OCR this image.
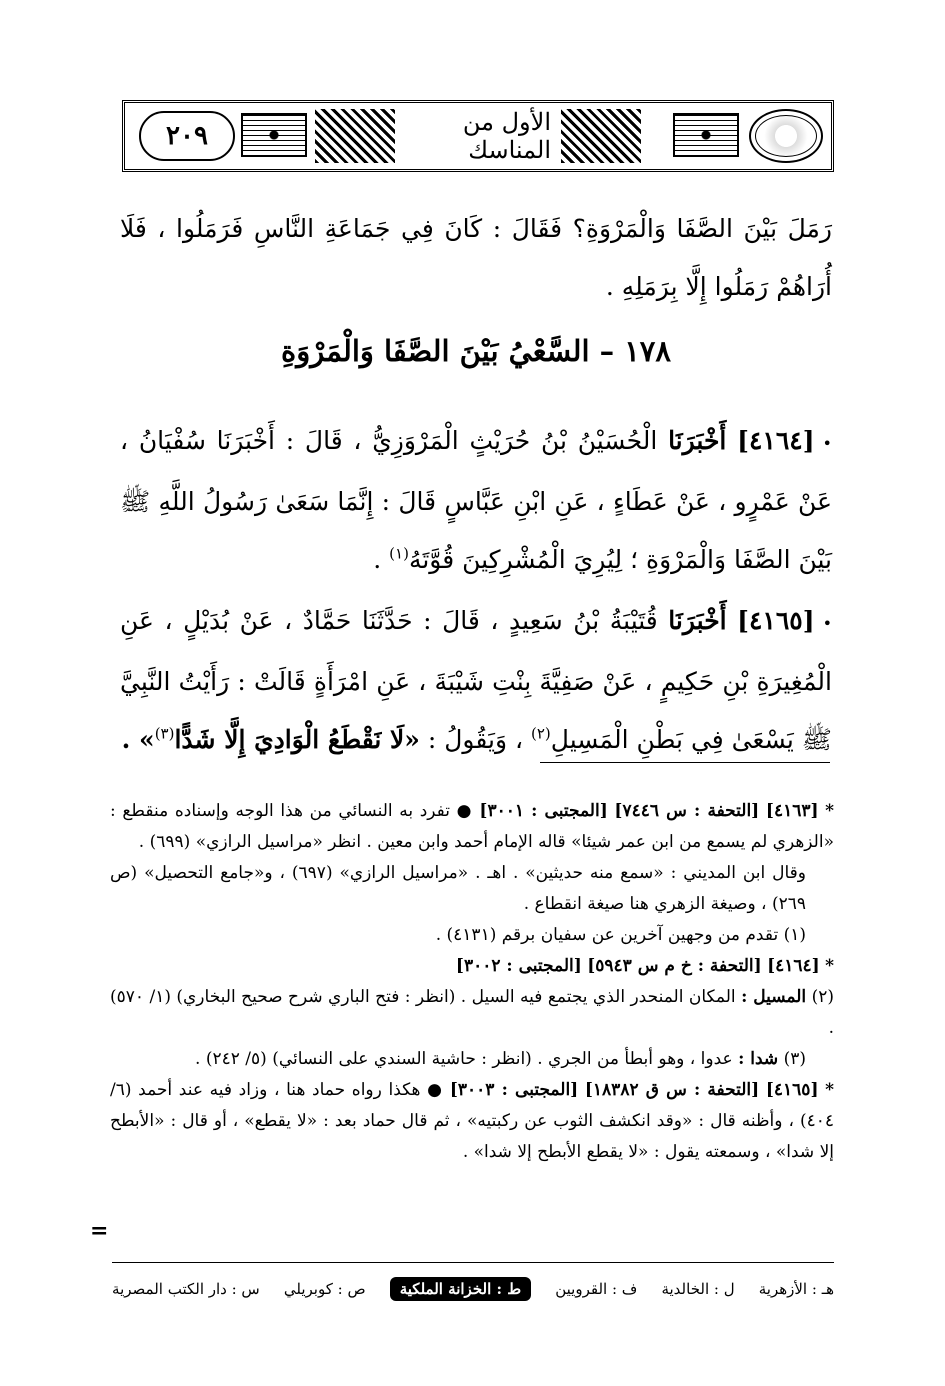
٢٠٩	الأول من المناسك
رَمَلَ بَيْنَ الصَّفَا وَالْمَرْوَةِ؟ فَقَالَ : كَانَ فِي جَمَاعَةِ النَّاسِ فَرَمَلُوا ، فَلَا أُرَاهُمْ رَمَلُوا إِلَّا بِرَمَلِهِ .
١٧٨ – السَّعْيُ بَيْنَ الصَّفَا وَالْمَرْوَةِ
•[٤١٦٤] أَخْبَرَنَا الْحُسَيْنُ بْنُ حُرَيْثٍ الْمَرْوَزِيُّ ، قَالَ : أَخْبَرَنَا سُفْيَانُ ، عَنْ عَمْرٍو ، عَنْ عَطَاءٍ ، عَنِ ابْنِ عَبَّاسٍ قَالَ : إِنَّمَا سَعَىٰ رَسُولُ اللَّهِ ﷺ بَيْنَ الصَّفَا وَالْمَرْوَةِ ؛ لِيُرِيَ الْمُشْرِكِينَ قُوَّتَهُ$^{(١)}$ .
•[٤١٦٥] أَخْبَرَنَا قُتَيْبَةُ بْنُ سَعِيدٍ ، قَالَ : حَدَّثَنَا حَمَّادٌ ، عَنْ بُدَيْلٍ ، عَنِ الْمُغِيرَةِ بْنِ حَكِيمٍ ، عَنْ صَفِيَّةَ بِنْتِ شَيْبَةَ ، عَنِ امْرَأَةٍ قَالَتْ : رَأَيْتُ النَّبِيَّ ﷺ يَسْعَىٰ فِي بَطْنِ الْمَسِيلِ$^{(٢)}$ ، وَيَقُولُ : «لَا نَقْطَعُ الْوَادِيَ إِلَّا شَدًّا$^{(٣)}$» .

* [٤١٦٣] [التحفة : س ٧٤٤٦] [المجتبى : ٣٠٠١] ● تفرد به النسائي من هذا الوجه وإسناده منقطع : «الزهري لم يسمع من ابن عمر شيئا» قاله الإمام أحمد وابن معين . انظر «مراسيل الرازي» (٦٩٩) .

وقال ابن المديني : «سمع منه حديثين» . اهـ . «مراسيل الرازي» (٦٩٧) ، و«جامع التحصيل» (ص ٢٦٩) ، وصيغة الزهري هنا صيغة انقطاع .

(١) تقدم من وجهين آخرين عن سفيان برقم (٤١٣١) .

* [٤١٦٤] [التحفة : خ م س ٥٩٤٣] [المجتبى : ٣٠٠٢]

(٢) المسيل : المكان المنحدر الذي يجتمع فيه السيل . (انظر : فتح الباري شرح صحيح البخاري) (١/ ٥٧٠) .

(٣) شدا : عدوا ، وهو أبطأ من الجري . (انظر : حاشية السندي على النسائي) (٥/ ٢٤٢) .

* [٤١٦٥] [التحفة : س ق ١٨٣٨٢] [المجتبى : ٣٠٠٣] ● هكذا رواه حماد هنا ، وزاد فيه عند أحمد (٦/ ٤٠٤) ، وأظنه قال : «وقد انكشف الثوب عن ركبتيه» ، ثم قال حماد بعد : «لا يقطع» ، أو قال : «الأبطح إلا شدا» ، وسمعته يقول : «لا يقطع الأبطح إلا شدا» .

=
س : دار الكتب المصرية ص : كوبريلي	ط : الخزانة الملكية	ف : القرويين ل : الخالدية هـ : الأزهرية
